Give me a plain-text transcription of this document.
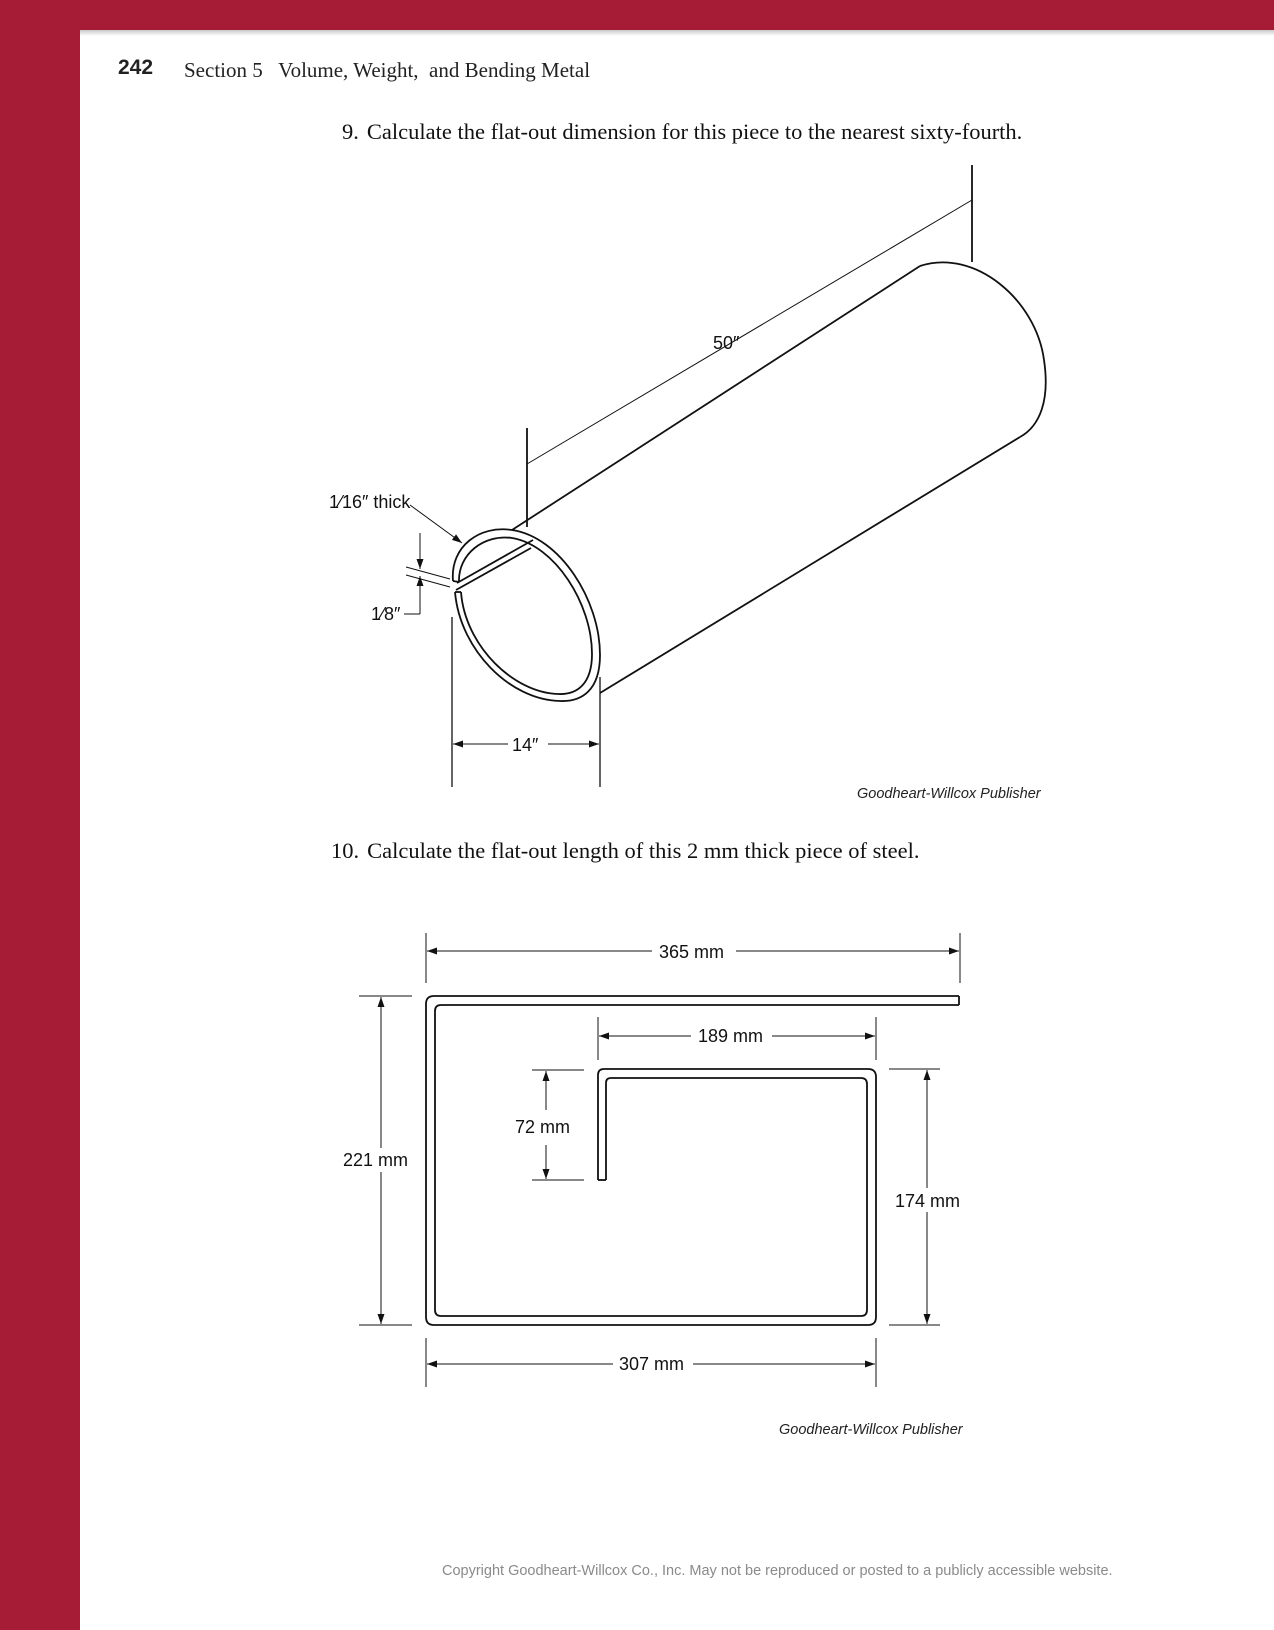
242 Section 5   Volume, Weight,  and Bending Metal
9. Calculate the flat-out dimension for this piece to the nearest sixty-fourth.
10. Calculate the flat-out length of this 2 mm thick piece of steel.
50″
1⁄16″ thick
1⁄8″
14″
Goodheart-Willcox Publisher
365 mm
189 mm
72 mm
221 mm
174 mm
307 mm
Goodheart-Willcox Publisher
Copyright Goodheart-Willcox Co., Inc. May not be reproduced or posted to a publicly accessible website.
